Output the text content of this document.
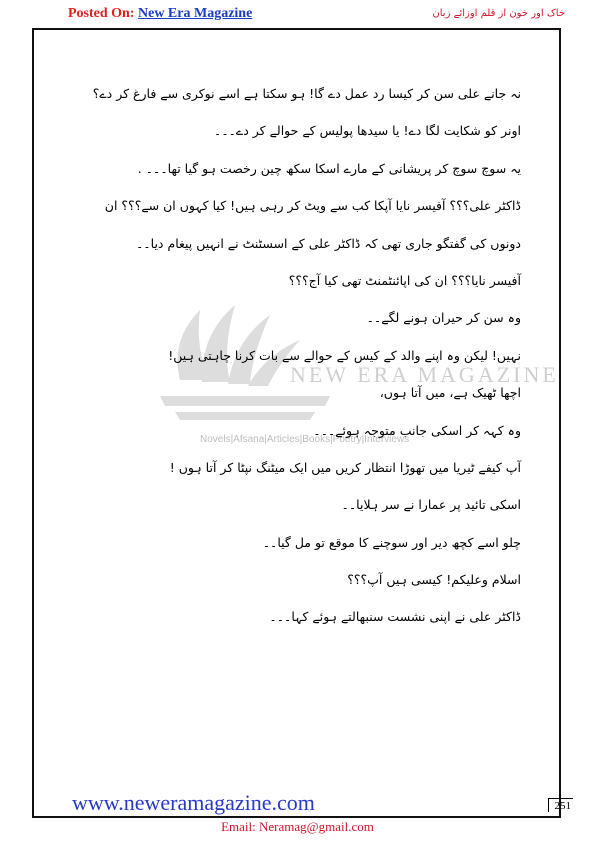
Posted On: New Era Magazine	خاک اور خون از قلم اوزائے زبان
NEW ERA MAGAZINE
Novels|Afsana|Articles|Books|Poetry|Interviews
نہ جانے علی سن کر کیسا رد عمل دے گا! ہو سکتا ہے اسے نوکری سے فارغ کر دے؟
اونر کو شکایت لگا دے! یا سیدھا پولیس کے حوالے کر دے۔۔۔
یہ سوچ سوچ کر پریشانی کے مارے اسکا سکھ چین رخصت ہو گیا تھا۔۔۔ .
ڈاکٹر علی؟؟؟ آفیسر نایا آپکا کب سے ویٹ کر رہی ہیں! کیا کہوں ان سے؟؟؟ ان
دونوں کی گفتگو جاری تھی کہ ڈاکٹر علی کے اسسٹنٹ نے انہیں پیغام دیا۔۔
آفیسر نایا؟؟؟ ان کی اپائنٹمنٹ تھی کیا آج؟؟؟
وہ سن کر حیران ہونے لگے۔۔
نہیں! لیکن وہ اپنے والد کے کیس کے حوالے سے بات کرنا چاہتی ہیں!
اچھا ٹھیک ہے، میں آتا ہوں،
وہ کہہ کر اسکی جانب متوجہ ہوئے۔۔۔
آپ کیفے ٹیریا میں تھوڑا انتظار کریں میں ایک میٹنگ نپٹا کر آتا ہوں !
اسکی تائید پر عمارا نے سر ہلایا۔۔
چلو اسے کچھ دیر اور سوچنے کا موقع تو مل گیا۔۔
اسلام وعلیکم! کیسی ہیں آپ؟؟؟
ڈاکٹر علی نے اپنی نشست سنبھالتے ہوئے کہا۔۔۔
www.neweramagazine.com	251
Email: Neramag@gmail.com
